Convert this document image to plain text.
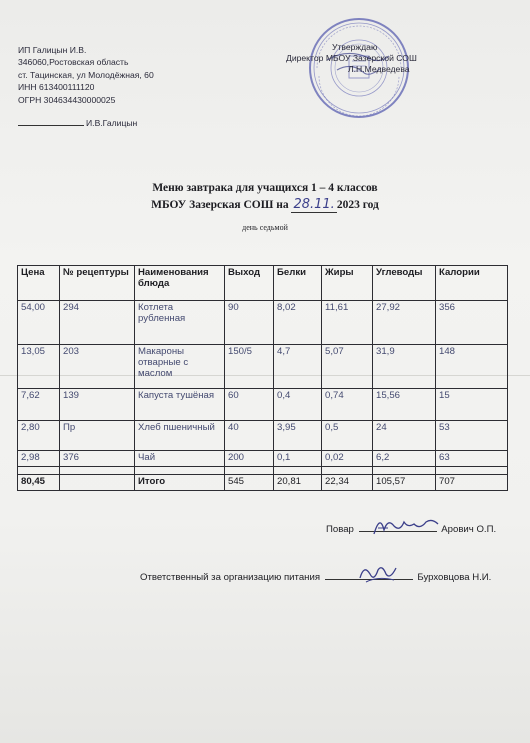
ИП Галицын И.В.
346060,Ростовская область
ст. Тацинская, ул Молодёжная, 60
ИНН 613400111120
ОГРН 304634430000025
И.В.Галицын
Утверждаю
Директор МБОУ Зазерской СОШ
Л.Н.Медведева
Меню завтрака для учащихся 1 – 4 классов
МБОУ Зазерская СОШ на 28.11. 2023 год
день седьмой
Цена	№ рецептуры	Наименования блюда	Выход	Белки	Жиры	Углеводы	Калории
54,00	294	Котлета рубленная	90	8,02	11,61	27,92	356
13,05	203	Макароны отварные с маслом	150/5	4,7	5,07	31,9	148
7,62	139	Капуста тушёная	60	0,4	0,74	15,56	15
2,80	Пр	Хлеб пшеничный	40	3,95	0,5	24	53
2,98	376	Чай	200	0,1	0,02	6,2	63

80,45		Итого	545	20,81	22,34	105,57	707
Повар	Арович О.П.
Ответственный за организацию питания	Бурховцова Н.И.
